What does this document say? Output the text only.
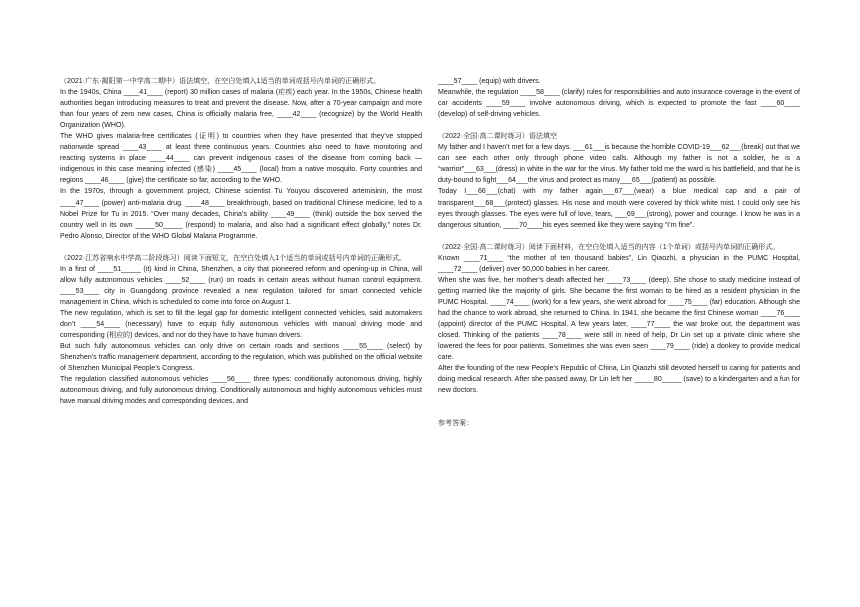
（2021·广东·揭阳第一中学高二期中）语法填空，在空白处填入1适当的单词或括号内单词的正确形式。

In the 1940s, China ____41____ (report) 30 million cases of malaria (疟疾) each year. In the 1950s, Chinese health authorities began introducing measures to treat and prevent the disease. Now, after a 70-year campaign and more than four years of zero new cases, China is officially malaria free, ____42____ (recognize) by the World Health Organization (WHO).

The WHO gives malaria-free certificates (证明) to countries when they have presented that they’ve stopped nationwide spread ____43____ at least three continuous years. Countries also need to have monitoring and reacting systems in place ____44____ can prevent indigenous cases of the disease from coming back — indigenous in this case meaning infected (感染) ____45____ (local) from a native mosquito. Forty countries and regions ____46____ (give) the certificate so far, according to the WHO.

In the 1970s, through a government project, Chinese scientist Tu Youyou discovered artemisinin, the most ____47____ (power) anti-malaria drug. ____48____ breakthrough, based on traditional Chinese medicine, led to a Nobel Prize for Tu in 2015. “Over many decades, China’s ability ____49____ (think) outside the box served the country well in its own _____50_____ (respond) to malaria, and also had a significant effect globally,” notes Dr. Pedro Alonso, Director of the WHO Global Malaria Programme.

（2022·江苏省响水中学高二阶段练习）阅读下面短文，在空白处填入1个适当的单词或括号内单词的正确形式。

In a first of ____51_____ (it) kind in China, Shenzhen, a city that pioneered reform and opening-up in China, will allow fully autonomous vehicles ____52____ (run) on roads in certain areas without human control equipment. ____53____ city in Guangdong province revealed a new regulation tailored for smart connected vehicle management in China, which is scheduled to come into force on August 1.

The new regulation, which is set to fill the legal gap for domestic intelligent connected vehicles, said automakers don’t ____54____ (necessary) have to equip fully autonomous vehicles with manual driving mode and corresponding (相应的) devices, and nor do they have to have human drivers.

But such fully autonomous vehicles can only drive on certain roads and sections ____55____ (select) by Shenzhen’s traffic management department, according to the regulation, which was published on the official website of Shenzhen Municipal People’s Congress.

The regulation classified autonomous vehicles ____56____ three types: conditionally autonomous driving, highly autonomous driving, and fully autonomous driving. Conditionally autonomous and highly autonomous vehicles must have manual driving modes and corresponding devices, and

____57____ (equip) with drivers.

Meanwhile, the regulation ____58____ (clarify) rules for responsibilities and auto insurance coverage in the event of car accidents ____59____ involve autonomous driving, which is expected to promote the fast ____60____ (develop) of self-driving vehicles.

（2022·全国·高二课时练习）语法填空

My father and I haven’t met for a few days. ___61___is because the horrible COVID-19___62___(break) out that we can see each other only through phone video calls. Although my father is not a soldier, he is a “warrior”___63___(dress) in white in the war for the virus. My father told me the ward is his battlefield, and that he is duty-bound to fight___64___the virus and protect as many___65___(patient) as possible.

Today I___66___(chat) with my father again___67___(wear) a blue medical cap and a pair of transparent___68___(protect) glasses. His nose and mouth were covered by thick white mist. I could only see his eyes through glasses. The eyes were full of love, tears, ___69___(strong), power and courage. I know he was in a dangerous situation, ____70____his eyes seemed like they were saying “I’m fine”.

（2022·全国·高二课时练习）阅读下面材料，在空白处填入适当的内容（1个单词）或括号内单词的正确形式。

Known ____71____ “the mother of ten thousand babies”, Lin Qiaozhi, a physician in the PUMC Hospital, ____72____ (deliver) over 50,000 babies in her career.

When she was five, her mother’s death affected her ____73____ (deep). She chose to study medicine instead of getting married like the majority of girls. She became the first woman to be hired as a resident physician in the PUMC Hospital. ____74____ (work) for a few years, she went abroad for ____75____ (far) education. Although she had the chance to work abroad, she returned to China. In 1941, she became the first Chinese woman ____76____ (appoint) director of the PUMC Hospital. A few years later, ____77____ the war broke out, the department was closed. Thinking of the patients ____78____ were still in need of help, Dr Lin set up a private clinic where she lowered the fees for poor patients. Sometimes she was even seen ____79____ (ride) a donkey to provide medical care.

After the founding of the new People’s Republic of China, Lin Qiaozhi still devoted herself to caring for patients and doing medical research. After she passed away, Dr Lin left her _____80_____ (save) to a kindergarten and a fun for new doctors.

参考答案：
